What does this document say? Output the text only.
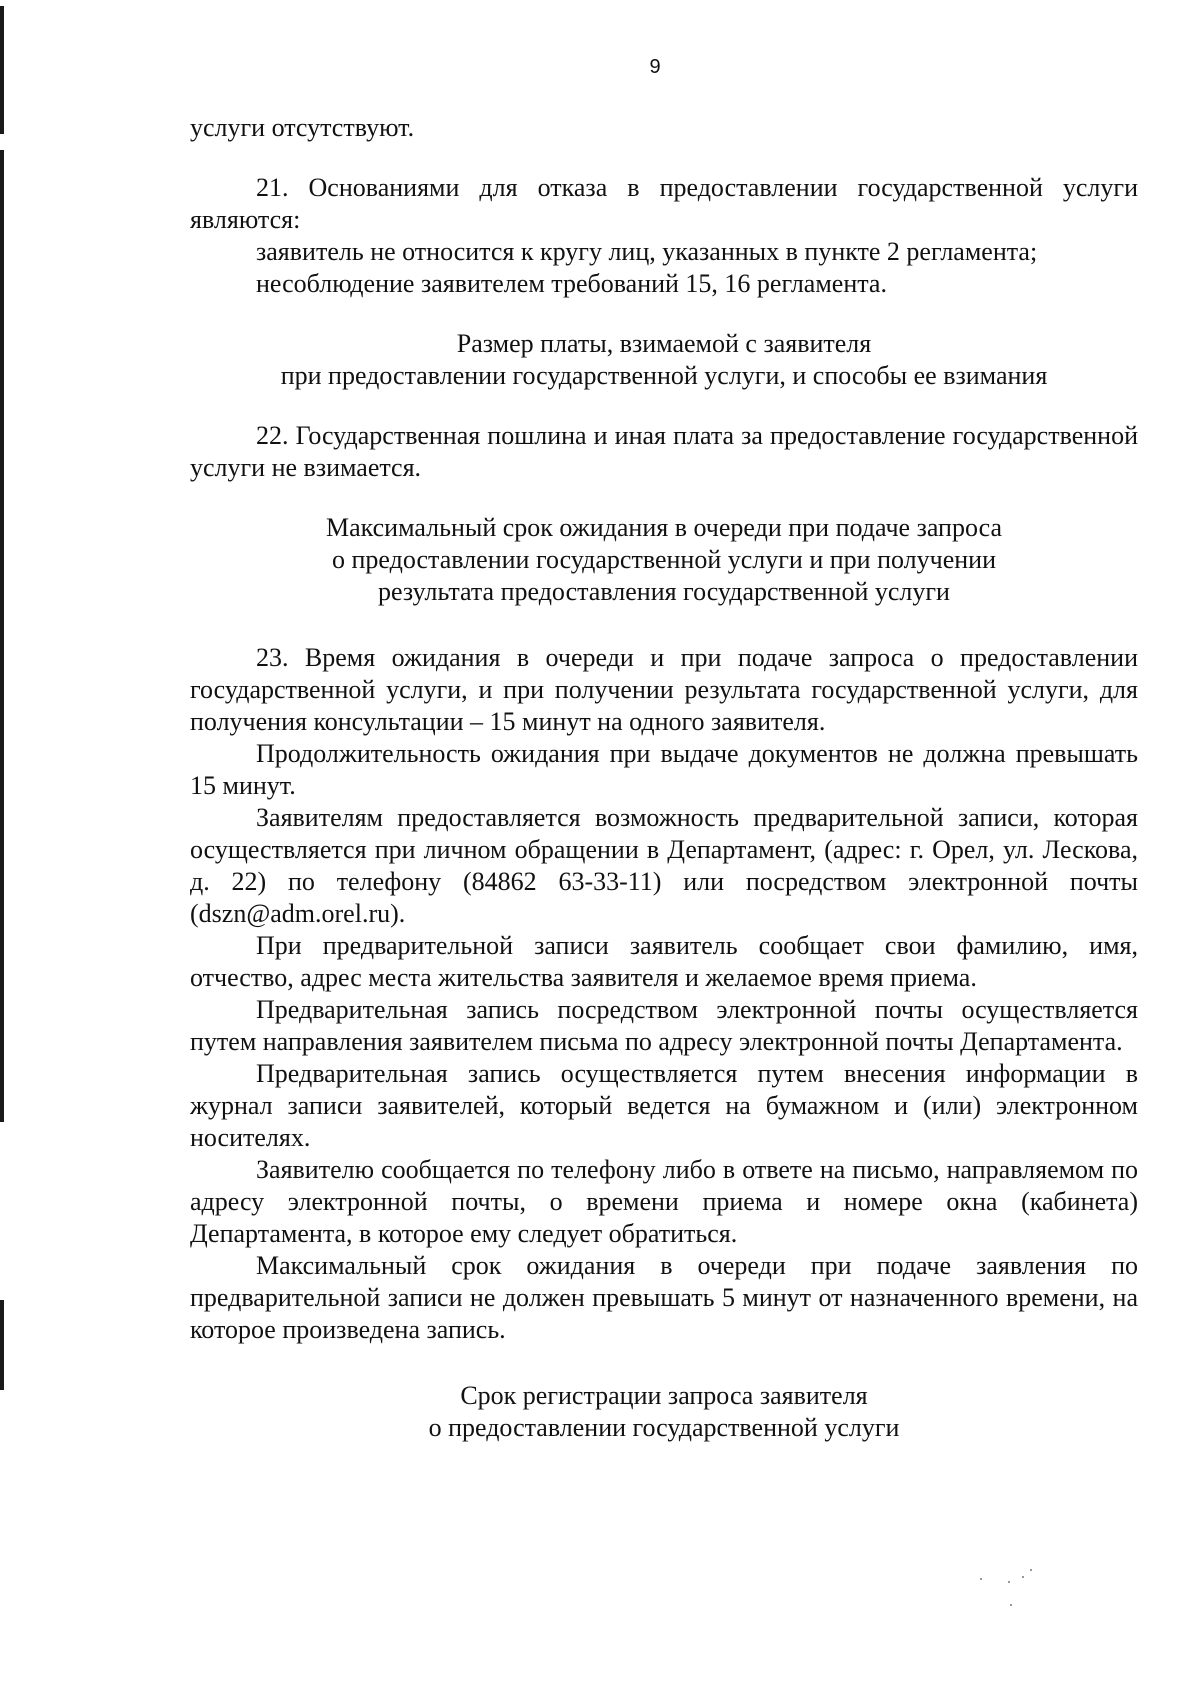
9

услуги отсутствуют.

21. Основаниями для отказа в предоставлении государственной услуги являются:

заявитель не относится к кругу лиц, указанных в пункте 2 регламента;

несоблюдение заявителем требований 15, 16 регламента.

Размер платы, взимаемой с заявителя

при предоставлении государственной услуги, и способы ее взимания

22. Государственная пошлина и иная плата за предоставление государственной услуги не взимается.

Максимальный срок ожидания в очереди при подаче запроса

о предоставлении государственной услуги и при получении

результата предоставления государственной услуги

23. Время ожидания в очереди и при подаче запроса о предоставлении государственной услуги, и при получении результата государственной услуги, для получения консультации – 15 минут на одного заявителя.

Продолжительность ожидания при выдаче документов не должна превышать 15 минут.

Заявителям предоставляется возможность предварительной записи, которая осуществляется при личном обращении в Департамент, (адрес: г. Орел, ул. Лескова, д. 22) по телефону (84862 63-33-11) или посредством электронной почты (dszn@adm.orel.ru).

При предварительной записи заявитель сообщает свои фамилию, имя, отчество, адрес места жительства заявителя и желаемое время приема.

Предварительная запись посредством электронной почты осуществляется путем направления заявителем письма по адресу электронной почты Департамента.

Предварительная запись осуществляется путем внесения информации в журнал записи заявителей, который ведется на бумажном и (или) электронном носителях.

Заявителю сообщается по телефону либо в ответе на письмо, направляемом по адресу электронной почты, о времени приема и номере окна (кабинета) Департамента, в которое ему следует обратиться.

Максимальный срок ожидания в очереди при подаче заявления по предварительной записи не должен превышать 5 минут от назначенного времени, на которое произведена запись.

Срок регистрации запроса заявителя

о предоставлении государственной услуги
